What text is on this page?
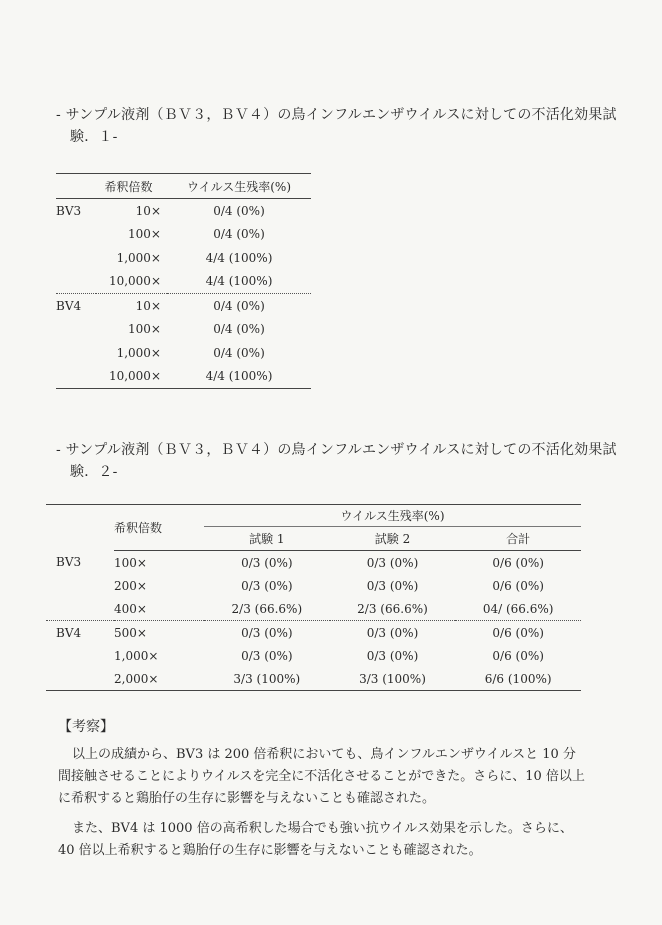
- サンプル液剤（ＢＶ３，ＢＶ４）の鳥インフルエンザウイルスに対しての不活化効果試
験．１-
	希釈倍数	ウイルス生残率(%)
BV3	10×	0/4 (0%)
	100×	0/4 (0%)
	1,000×	4/4 (100%)
	10,000×	4/4 (100%)
BV4	10×	0/4 (0%)
	100×	0/4 (0%)
	1,000×	0/4 (0%)
	10,000×	4/4 (100%)
- サンプル液剤（ＢＶ３，ＢＶ４）の鳥インフルエンザウイルスに対しての不活化効果試
験．２-
	希釈倍数	ウイルス生残率(%)		
		試験 1	試験 2	合計
BV3	100×	0/3 (0%)	0/3 (0%)	0/6 (0%)
	200×	0/3 (0%)	0/3 (0%)	0/6 (0%)
	400×	2/3 (66.6%)	2/3 (66.6%)	04/ (66.6%)
BV4	500×	0/3 (0%)	0/3 (0%)	0/6 (0%)
	1,000×	0/3 (0%)	0/3 (0%)	0/6 (0%)
	2,000×	3/3 (100%)	3/3 (100%)	6/6 (100%)
【考察】

以上の成績から、BV3 は 200 倍希釈においても、鳥インフルエンザウイルスと 10 分

間接触させることによりウイルスを完全に不活化させることができた。さらに、10 倍以上
に希釈すると鶏胎仔の生存に影響を与えないことも確認された。

また、BV4 は 1000 倍の高希釈した場合でも強い抗ウイルス効果を示した。さらに、

40 倍以上希釈すると鶏胎仔の生存に影響を与えないことも確認された。
